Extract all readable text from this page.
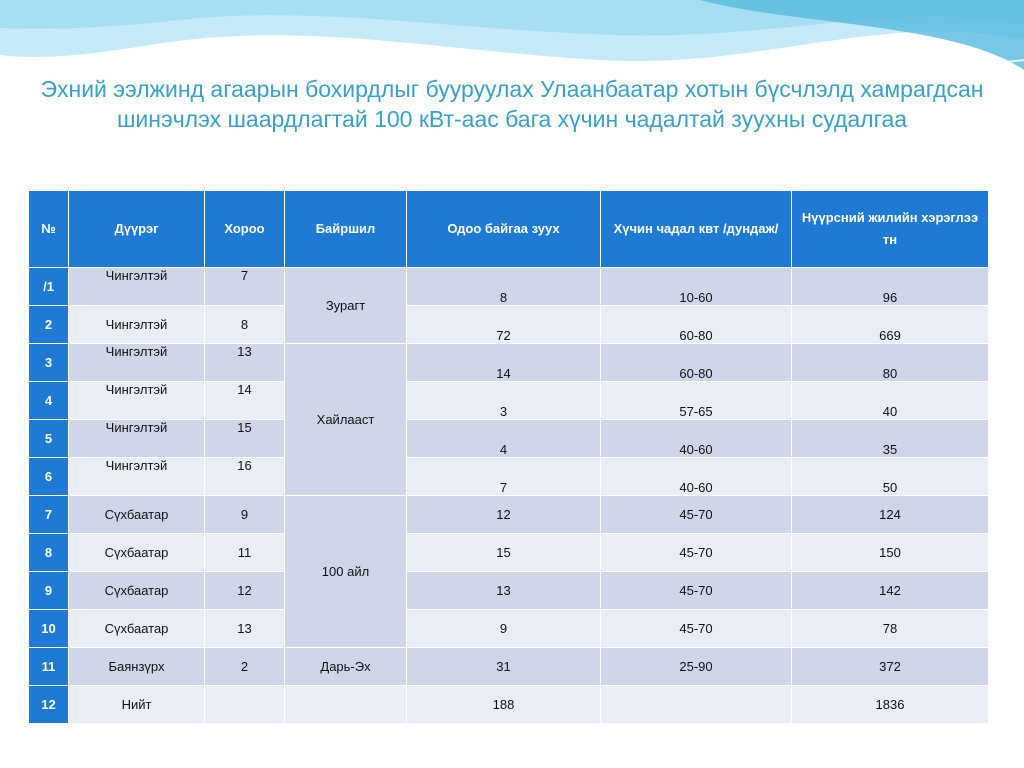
Эхний ээлжинд агаарын бохирдлыг бууруулах Улаанбаатар хотын бүсчлэлд хамрагдсан шинэчлэх шаардлагтай 100 кВт-аас бага хүчин чадалтай зуухны судалгаа
№	Дүүрэг	Хороо	Байршил	Одоо байгаа зуух	Хүчин чадал квт /дундаж/	Нүүрсний жилийн хэрэглээ тн
/1	Чингэлтэй	7	Зурагт	8	10-60	96
2	Чингэлтэй	8		72	60-80	669
3	Чингэлтэй	13	Хайлааст	14	60-80	80
4	Чингэлтэй	14		3	57-65	40
5	Чингэлтэй	15		4	40-60	35
6	Чингэлтэй	16		7	40-60	50
7	Сүхбаатар	9	100 айл	12	45-70	124
8	Сүхбаатар	11		15	45-70	150
9	Сүхбаатар	12		13	45-70	142
10	Сүхбаатар	13		9	45-70	78
11	Баянзүрх	2	Дарь-Эх	31	25-90	372
12	Нийт			188		1836
